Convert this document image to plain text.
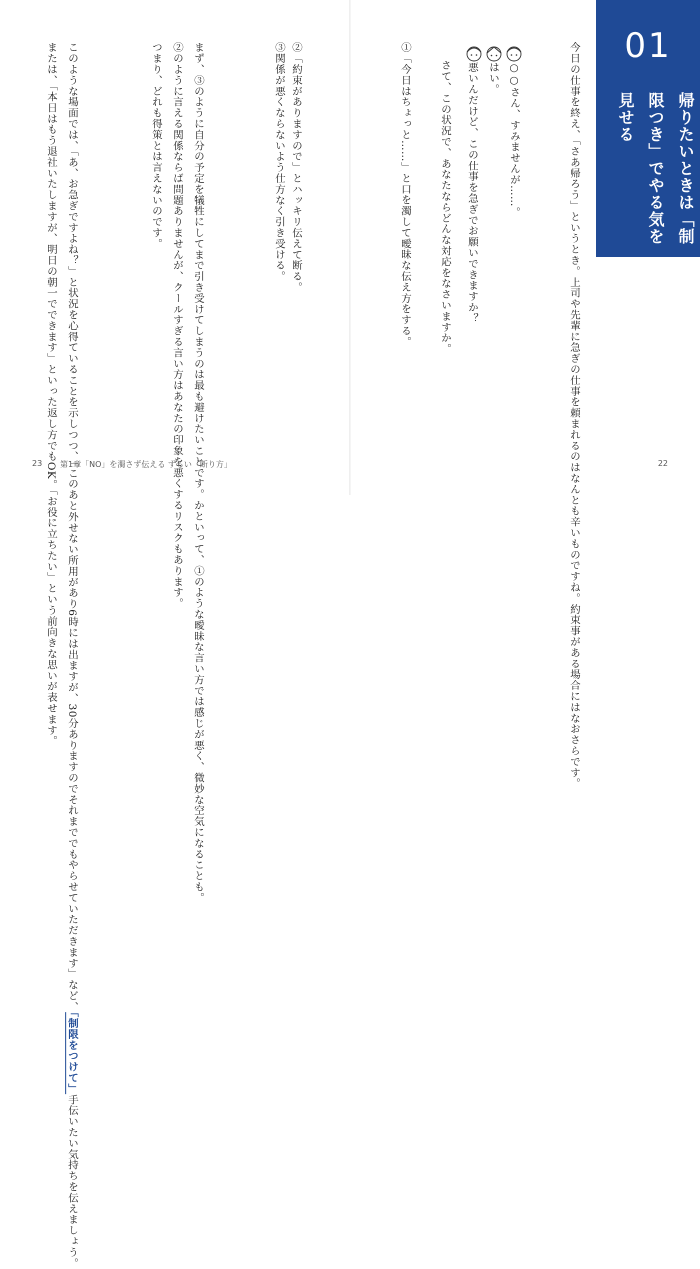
01
帰りたいときは「制限つき」でやる気を見せる

今日の仕事を終え、「さあ帰ろう」というとき。上司や先輩に急ぎの仕事を頼まれるのはなんとも辛いものですね。約束事がある場合にはなおさらです。

○○さん、すみませんが……。

はい。

悪いんだけど、この仕事を急ぎでお願いできますか？

さて、この状況で、あなたならどんな対応をなさいますか。

①「今日はちょっと……」と口を濁して曖昧な伝え方をする。

②「約束がありますので」とハッキリ伝えて断る。

③関係が悪くならないよう仕方なく引き受ける。

まず、③のように自分の予定を犠牲にしてまで引き受けてしまうのは最も避けたいことです。かといって、①のような曖昧な言い方では感じが悪く、微妙な空気になることも。

②のように言える関係ならば問題ありませんが、クールすぎる言い方はあなたの印象を悪くするリスクもあります。

つまり、どれも得策とは言えないのです。

このような場面では、「あ、お急ぎですよね？」と状況を心得ていることを示しつつ、「このあと外せない所用があり6時には出ますが、30分ありますのでそれまででもやらせていただきます」など、「制限をつけて」手伝いたい気持ちを伝えましょう。

または、「本日はもう退社いたしますが、明日の朝一でできます」といった返し方でもOK。「お役に立ちたい」という前向きな思いが表せます。

23 第1章「NO」を濁さず伝える ずるい「断り方」	22
